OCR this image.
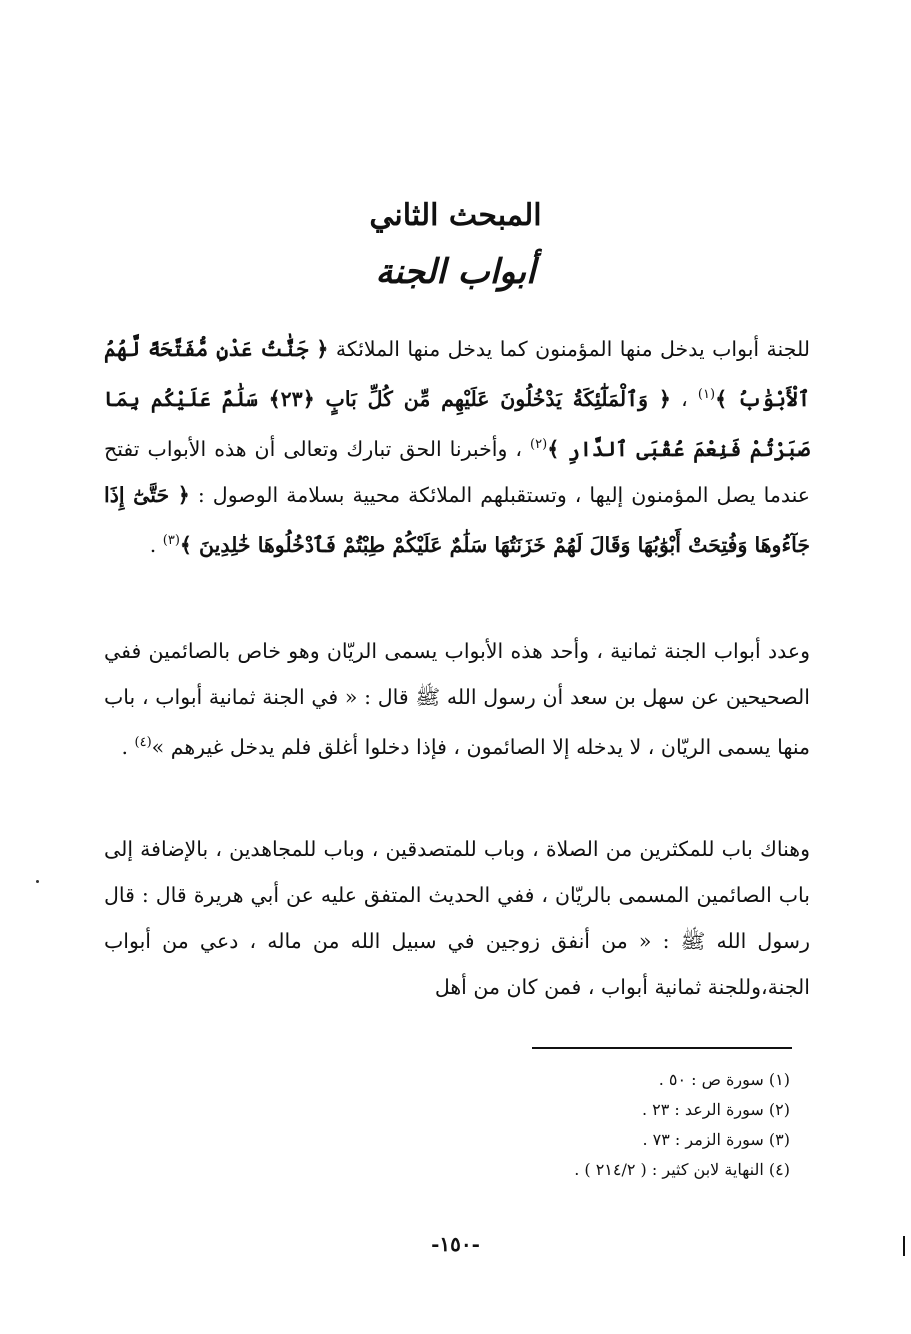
المبحث الثاني
أبواب الجنة
للجنة أبواب يدخل منها المؤمنون كما يدخل منها الملائكة ﴿ جَنَّٰتُ عَدْنٍ مُّفَتَّحَةً لَّهُمُ ٱلْأَبْوَٰبُ ﴾$^{(١)}$ ، ﴿ وَٱلْمَلَٰٓئِكَةُ يَدْخُلُونَ عَلَيْهِم مِّن كُلِّ بَابٍ ﴿٢٣﴾ سَلَٰمٌ عَلَيْكُم بِمَا صَبَرْتُمْ فَنِعْمَ عُقْبَى ٱلدَّارِ ﴾$^{(٢)}$ ، وأخبرنا الحق تبارك وتعالى أن هذه الأبواب تفتح عندما يصل المؤمنون إليها ، وتستقبلهم الملائكة محيية بسلامة الوصول : ﴿ حَتَّىٰٓ إِذَا جَآءُوهَا وَفُتِحَتْ أَبْوَٰبُهَا وَقَالَ لَهُمْ خَزَنَتُهَا سَلَٰمٌ عَلَيْكُمْ طِبْتُمْ فَٱدْخُلُوهَا خَٰلِدِينَ ﴾$^{(٣)}$ .
وعدد أبواب الجنة ثمانية ، وأحد هذه الأبواب يسمى الريّان وهو خاص بالصائمين ففي الصحيحين عن سهل بن سعد أن رسول الله ﷺ قال : « في الجنة ثمانية أبواب ، باب منها يسمى الريّان ، لا يدخله إلا الصائمون ، فإذا دخلوا أغلق فلم يدخل غيرهم »$^{(٤)}$ .
وهناك باب للمكثرين من الصلاة ، وباب للمتصدقين ، وباب للمجاهدين ، بالإضافة إلى باب الصائمين المسمى بالريّان ، ففي الحديث المتفق عليه عن أبي هريرة قال : قال رسول الله ﷺ : « من أنفق زوجين في سبيل الله من ماله ، دعي من أبواب الجنة،وللجنة ثمانية أبواب ، فمن كان من أهل
(١) سورة ص : ٥٠ .
(٢) سورة الرعد : ٢٣ .
(٣) سورة الزمر : ٧٣ .
(٤) النهاية لابن كثير : ( ٢١٤/٢ ) .
-١٥٠-
